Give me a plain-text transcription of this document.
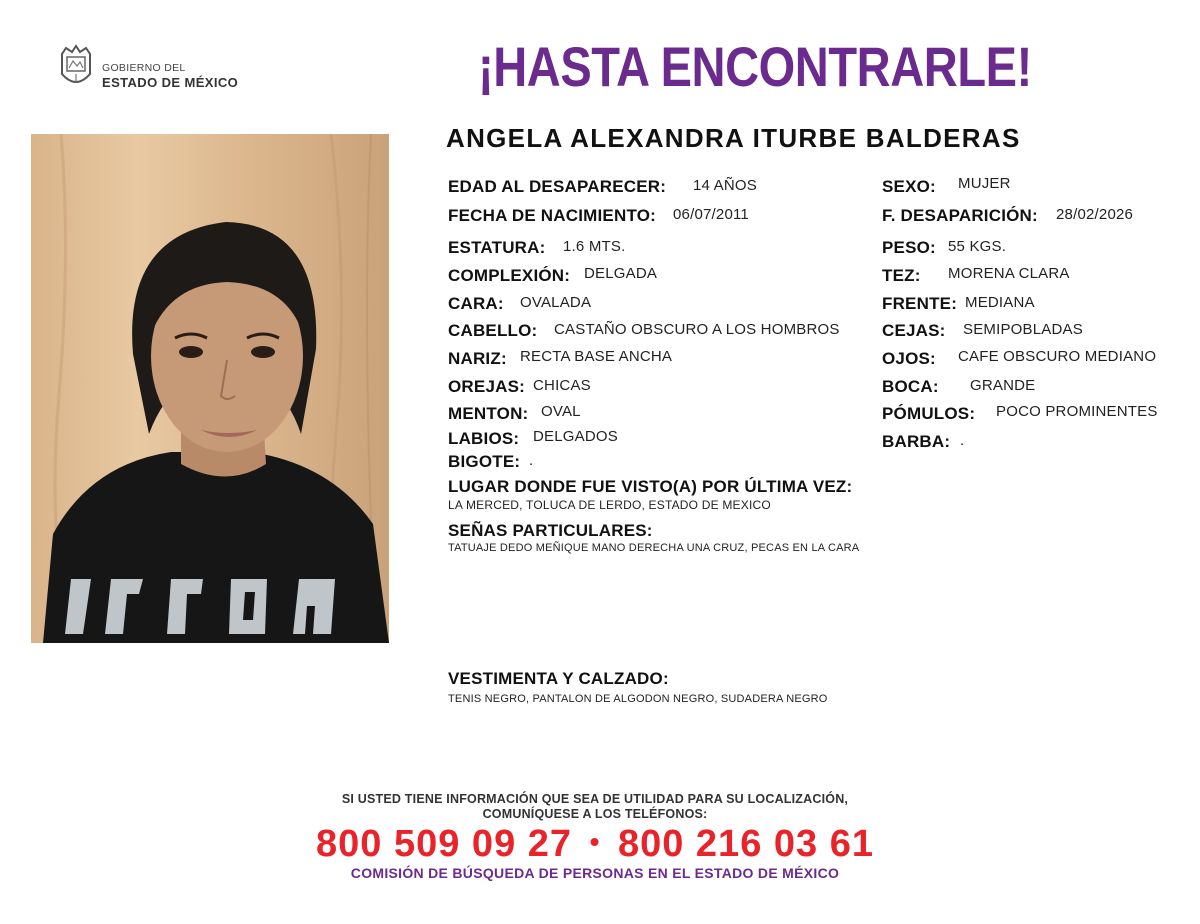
GOBIERNO DEL
ESTADO DE MÉXICO	¡HASTA ENCONTRARLE!
ANGELA ALEXANDRA ITURBE BALDERAS
EDAD AL DESAPARECER: 14 AÑOS
FECHA DE NACIMIENTO: 06/07/2011
ESTATURA: 1.6 MTS.
COMPLEXIÓN: DELGADA
CARA: OVALADA
CABELLO: CASTAÑO OBSCURO A LOS HOMBROS
NARIZ: RECTA BASE ANCHA
OREJAS: CHICAS
MENTON: OVAL
LABIOS: DELGADOS
BIGOTE: .
SEXO: MUJER
F. DESAPARICIÓN: 28/02/2026
PESO: 55 KGS.
TEZ: MORENA CLARA
FRENTE: MEDIANA
CEJAS: SEMIPOBLADAS
OJOS: CAFE OBSCURO MEDIANO
BOCA: GRANDE
PÓMULOS: POCO PROMINENTES
BARBA: .
LUGAR DONDE FUE VISTO(A) POR ÚLTIMA VEZ:
LA MERCED, TOLUCA DE LERDO, ESTADO DE MEXICO
SEÑAS PARTICULARES:
TATUAJE DEDO MEÑIQUE MANO DERECHA UNA CRUZ, PECAS EN LA CARA
VESTIMENTA Y CALZADO:
TENIS NEGRO, PANTALON DE ALGODON NEGRO, SUDADERA NEGRO
SI USTED TIENE INFORMACIÓN QUE SEA DE UTILIDAD PARA SU LOCALIZACIÓN,
COMUNÍQUESE A LOS TELÉFONOS:
800 509 09 27 • 800 216 03 61
COMISIÓN DE BÚSQUEDA DE PERSONAS EN EL ESTADO DE MÉXICO
